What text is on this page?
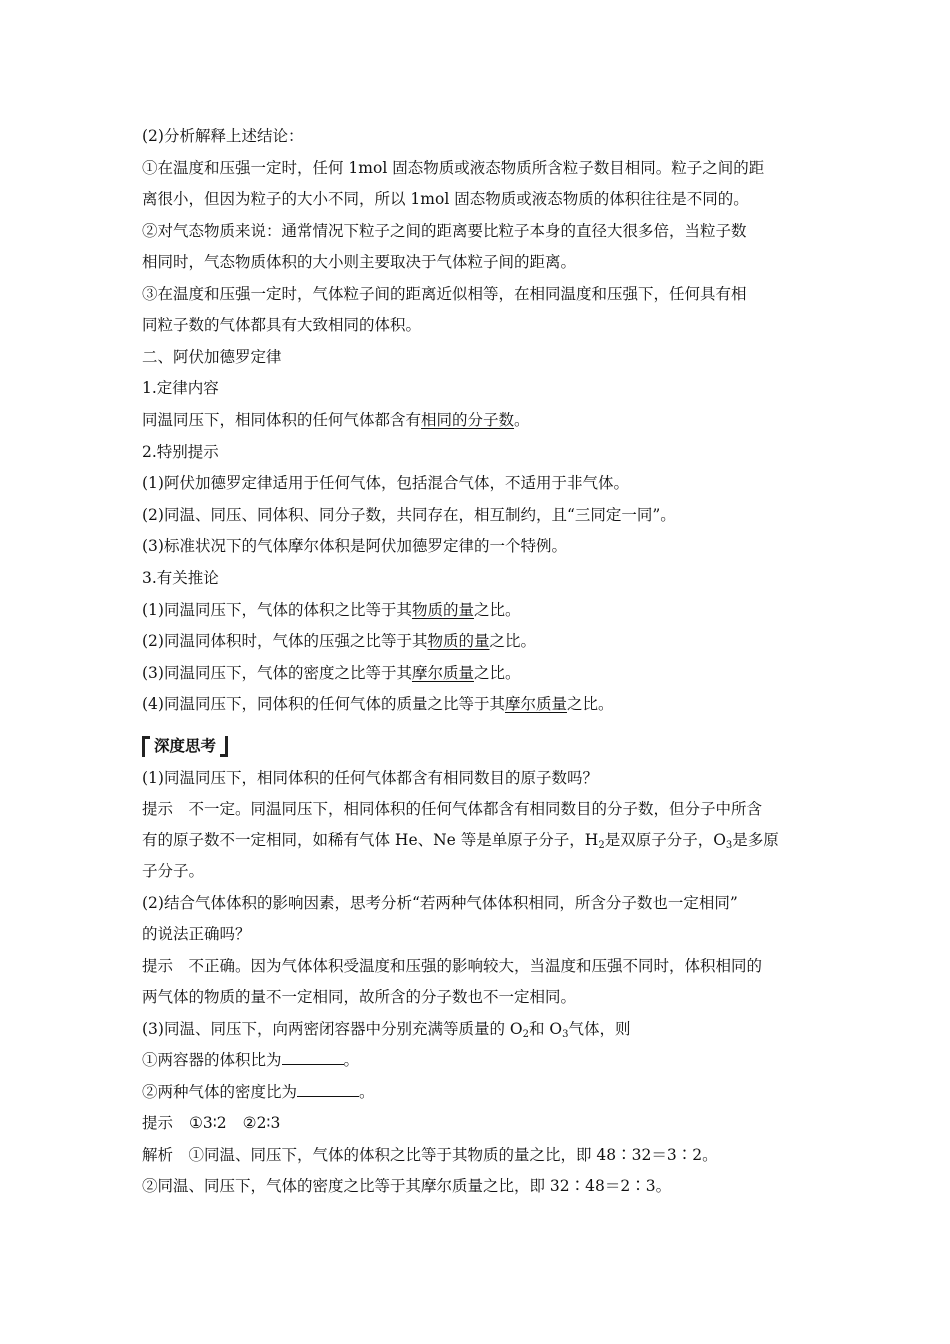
(2)分析解释上述结论：
①在温度和压强一定时，任何 1mol 固态物质或液态物质所含粒子数目相同。粒子之间的距
离很小，但因为粒子的大小不同，所以 1mol 固态物质或液态物质的体积往往是不同的。
②对气态物质来说：通常情况下粒子之间的距离要比粒子本身的直径大很多倍，当粒子数
相同时，气态物质体积的大小则主要取决于气体粒子间的距离。
③在温度和压强一定时，气体粒子间的距离近似相等，在相同温度和压强下，任何具有相
同粒子数的气体都具有大致相同的体积。
二、阿伏加德罗定律
1.定律内容
同温同压下，相同体积的任何气体都含有相同的分子数。
2.特别提示
(1)阿伏加德罗定律适用于任何气体，包括混合气体，不适用于非气体。
(2)同温、同压、同体积、同分子数，共同存在，相互制约，且“三同定一同”。
(3)标准状况下的气体摩尔体积是阿伏加德罗定律的一个特例。
3.有关推论
(1)同温同压下，气体的体积之比等于其物质的量之比。
(2)同温同体积时，气体的压强之比等于其物质的量之比。
(3)同温同压下，气体的密度之比等于其摩尔质量之比。
(4)同温同压下，同体积的任何气体的质量之比等于其摩尔质量之比。
深度思考
(1)同温同压下，相同体积的任何气体都含有相同数目的原子数吗？
提示　不一定。同温同压下，相同体积的任何气体都含有相同数目的分子数，但分子中所含
有的原子数不一定相同，如稀有气体 He、Ne 等是单原子分子，$H_2$是双原子分子，$O_3$是多原
子分子。
(2)结合气体体积的影响因素，思考分析“若两种气体体积相同，所含分子数也一定相同”
的说法正确吗？
提示　不正确。因为气体体积受温度和压强的影响较大，当温度和压强不同时，体积相同的
两气体的物质的量不一定相同，故所含的分子数也不一定相同。
(3)同温、同压下，向两密闭容器中分别充满等质量的 $O_2$和 $O_3$气体，则
①两容器的体积比为	。
②两种气体的密度比为	。
提示 ①3∶2 ②2∶3
解析　①同温、同压下，气体的体积之比等于其物质的量之比，即 48∶32＝3∶2。
②同温、同压下，气体的密度之比等于其摩尔质量之比，即 32∶48＝2∶3。
